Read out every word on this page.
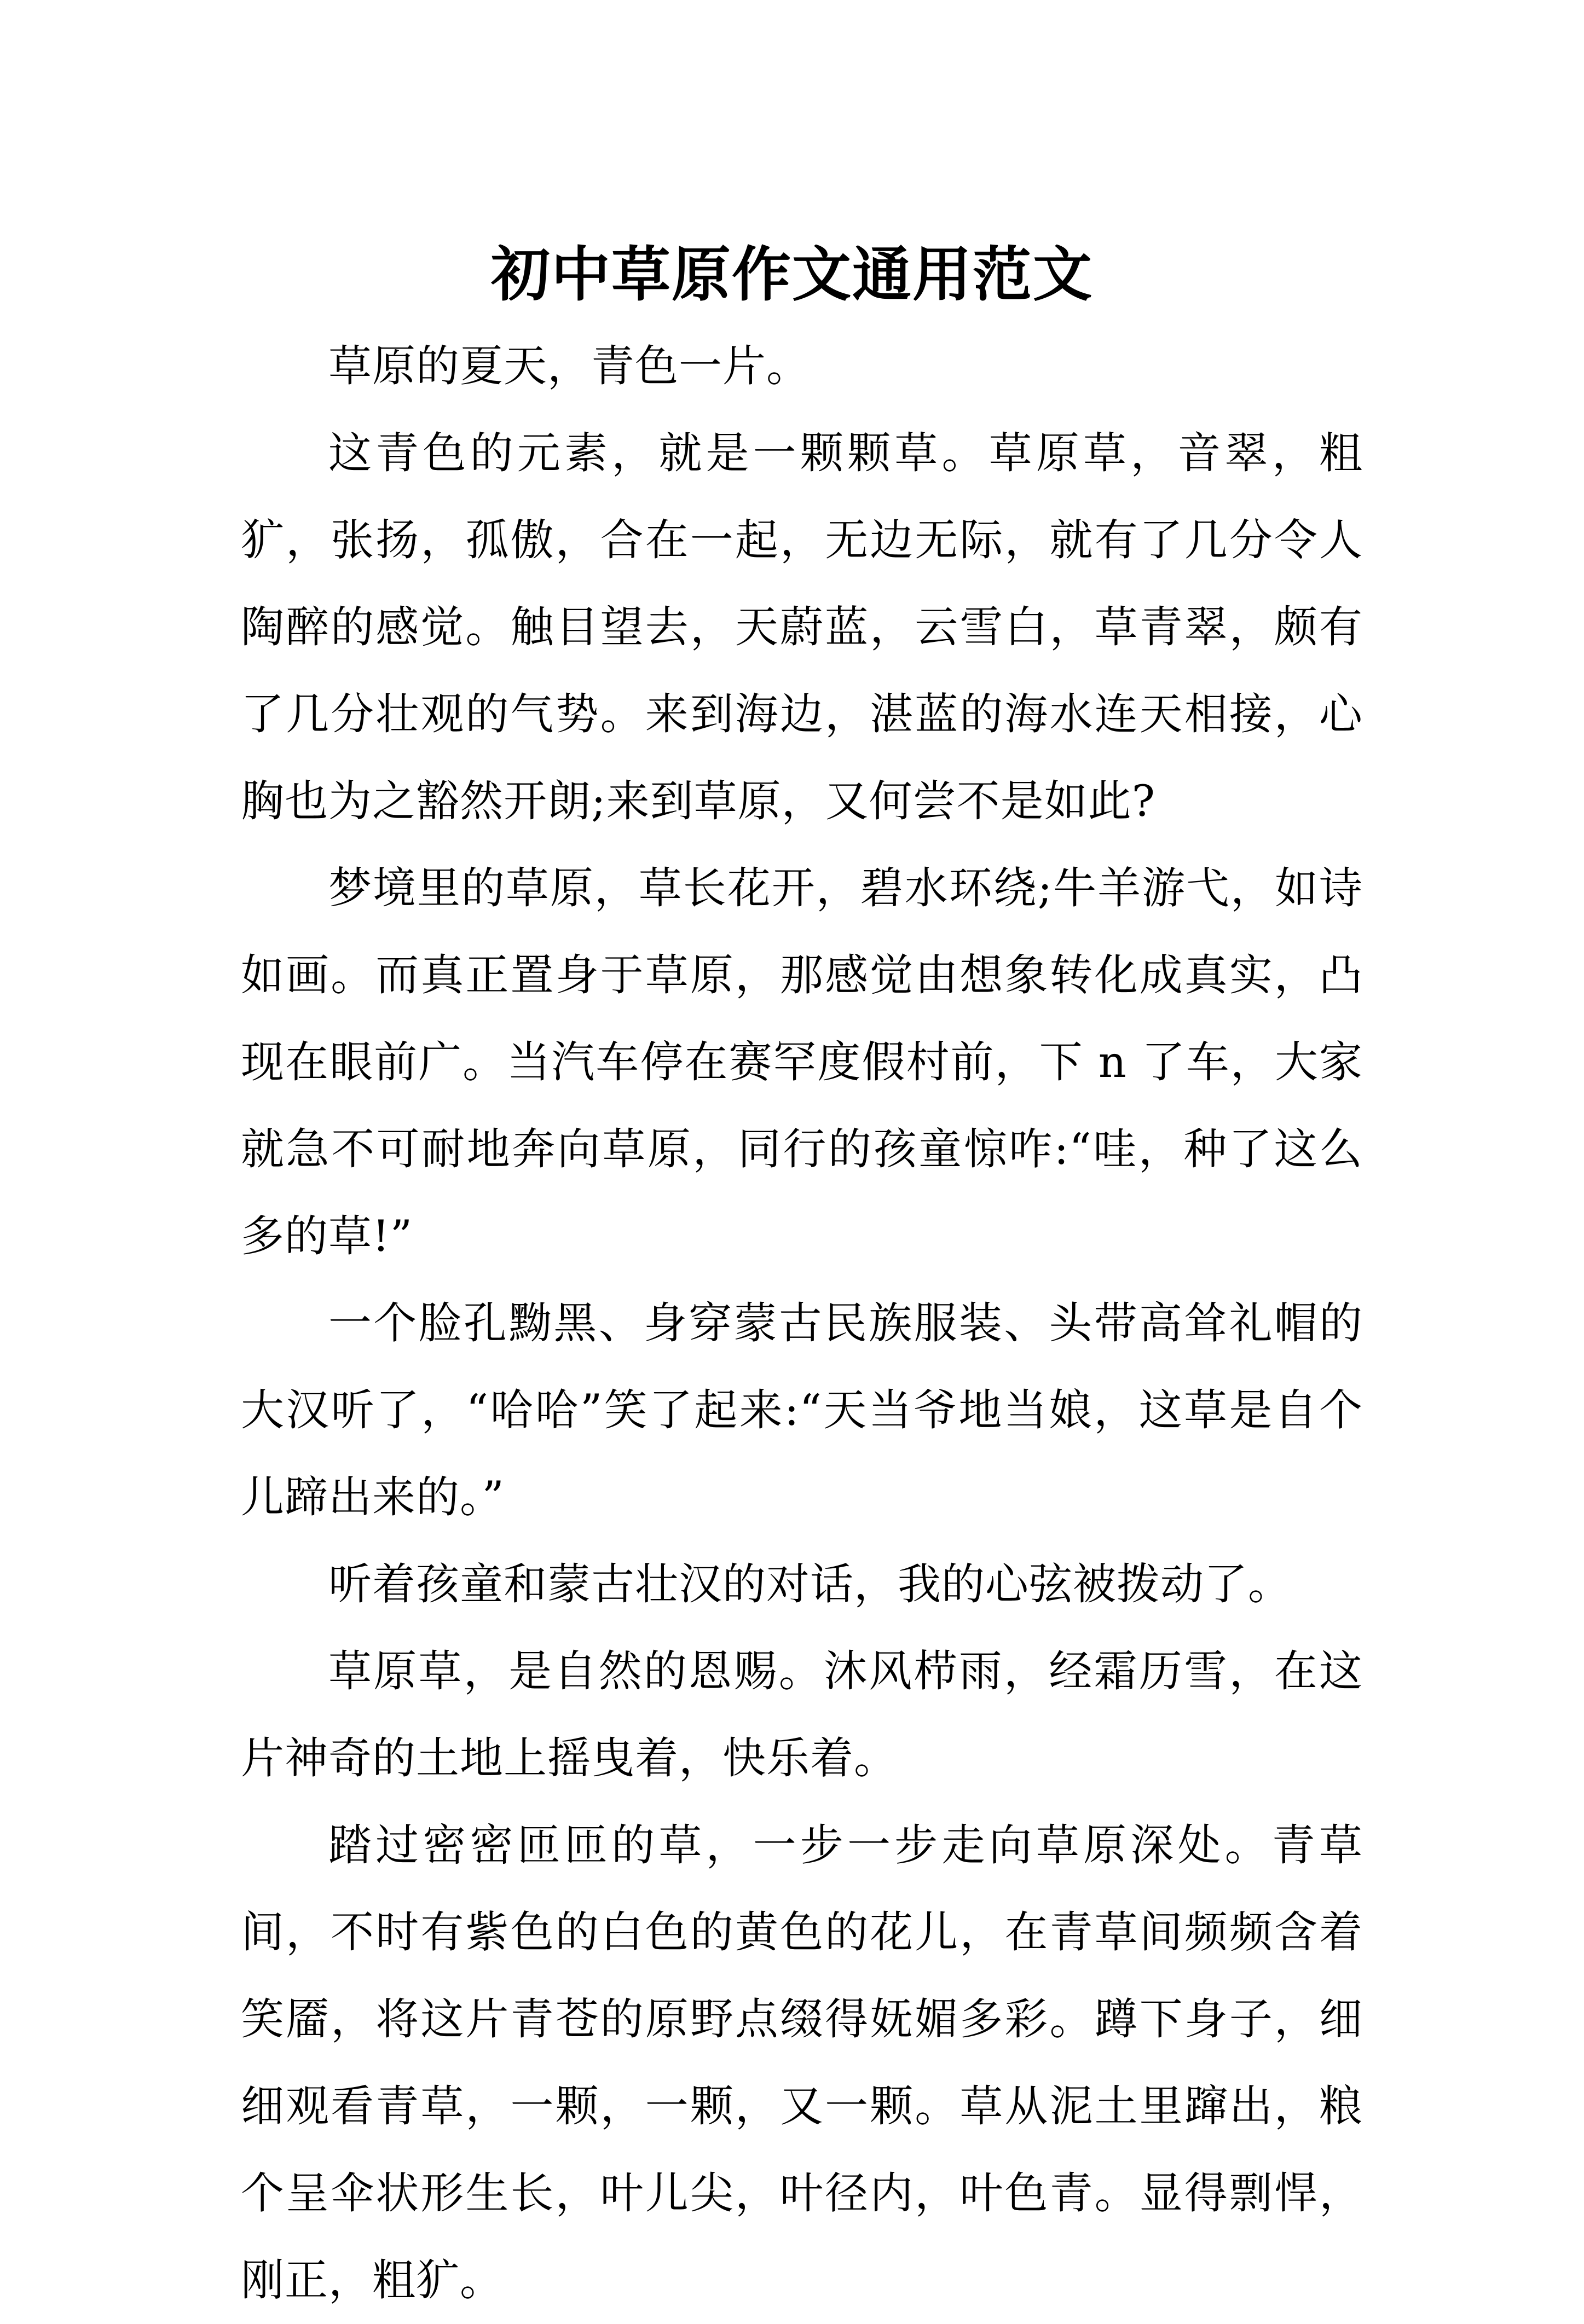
初中草原作文通用范文

草原的夏天，青色一片。

这青色的元素，就是一颗颗草。草原草，音翠，粗犷，张扬，孤傲，合在一起，无边无际，就有了几分令人陶醉的感觉。触目望去，天蔚蓝，云雪白，草青翠，颇有了几分壮观的气势。来到海边，湛蓝的海水连天相接，心胸也为之豁然开朗;来到草原，又何尝不是如此?

梦境里的草原，草长花开，碧水环绕;牛羊游弋，如诗如画。而真正置身于草原，那感觉由想象转化成真实，凸现在眼前广。当汽车停在赛罕度假村前，下 n 了车，大家就急不可耐地奔向草原，同行的孩童惊咋:“哇，种了这么多的草!”

一个脸孔黝黑、身穿蒙古民族服装、头带高耸礼帽的大汉听了，“哈哈”笑了起来:“天当爷地当娘，这草是自个儿蹄出来的。”

听着孩童和蒙古壮汉的对话，我的心弦被拨动了。

草原草，是自然的恩赐。沐风栉雨，经霜历雪，在这片神奇的土地上摇曳着，快乐着。

踏过密密匝匝的草，一步一步走向草原深处。青草间，不时有紫色的白色的黄色的花儿，在青草间频频含着笑靥，将这片青苍的原野点缀得妩媚多彩。蹲下身子，细细观看青草，一颗，一颗，又一颗。草从泥土里蹿出，粮个呈伞状形生长，叶儿尖，叶径内，叶色青。显得剽悍，刚正，粗犷。
